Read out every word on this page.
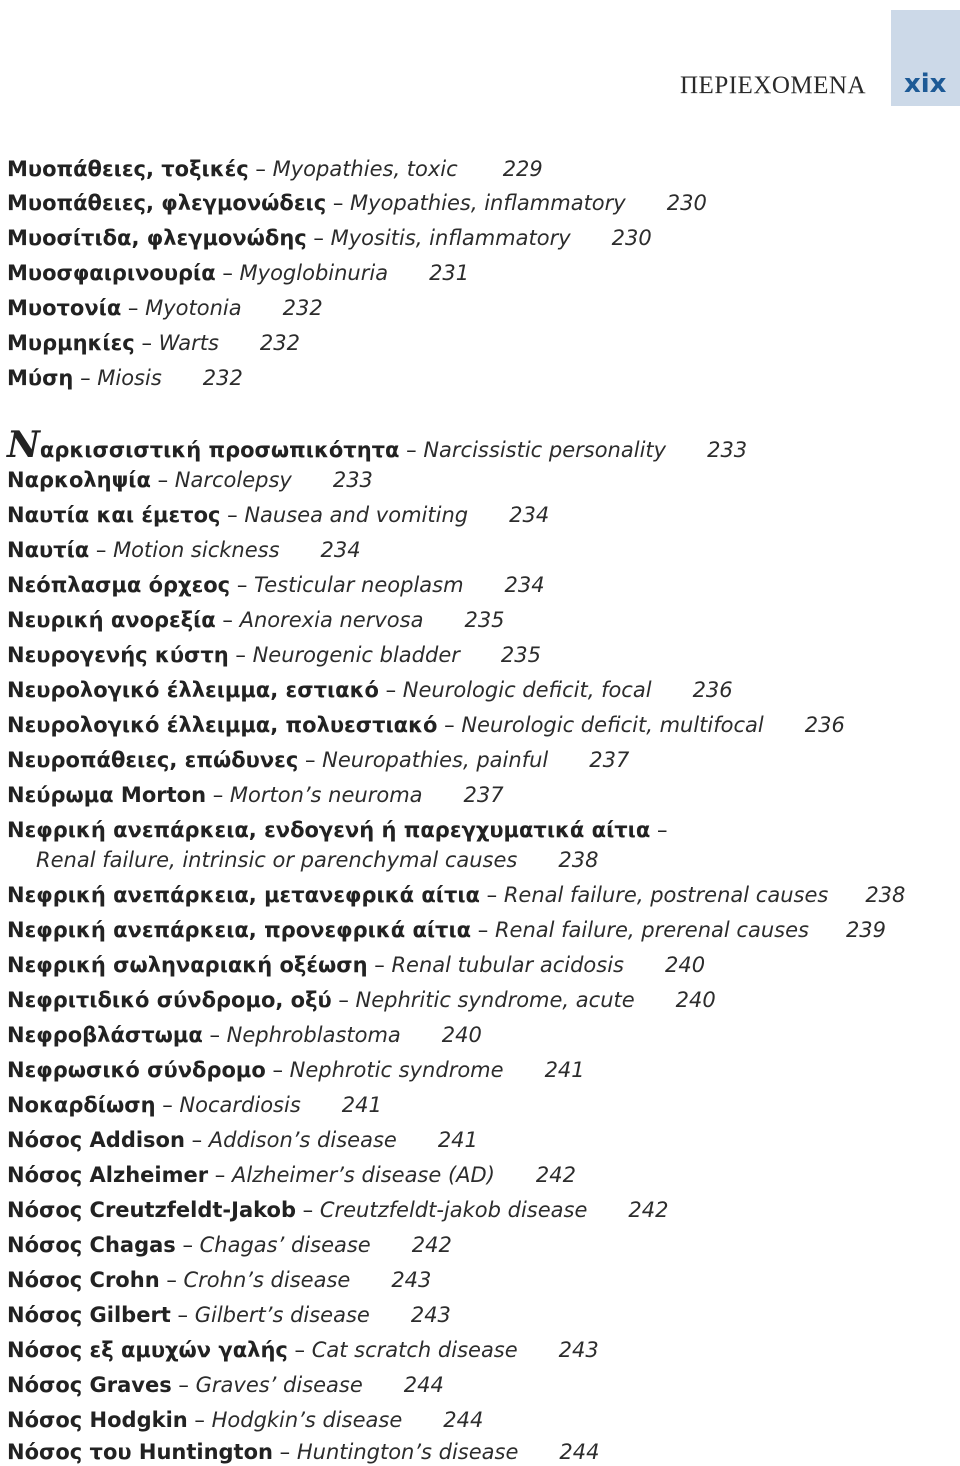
ΠΕΡΙΕΧΟΜΕΝΑ xix
Μυοπάθειες, τοξικές – Myopathies, toxic 229
Μυοπάθειες, φλεγμονώδεις – Myopathies, inflammatory 230
Μυοσίτιδα, φλεγμονώδης – Myositis, inflammatory 230
Μυοσφαιρινουρία – Myoglobinuria 231
Μυοτονία – Myotonia 232
Μυρμηκίες – Warts 232
Μύση – Miosis 232
Ναρκισσιστική προσωπικότητα – Narcissistic personality 233
Ναρκοληψία – Narcolepsy 233
Ναυτία και έμετος – Nausea and vomiting 234
Ναυτία – Motion sickness 234
Νεόπλασμα όρχεος – Testicular neoplasm 234
Νευρική ανορεξία – Anorexia nervosa 235
Νευρογενής κύστη – Neurogenic bladder 235
Νευρολογικό έλλειμμα, εστιακό – Neurologic deficit, focal 236
Νευρολογικό έλλειμμα, πολυεστιακό – Neurologic deficit, multifocal 236
Νευροπάθειες, επώδυνες – Neuropathies, painful 237
Νεύρωμα Morton – Morton’s neuroma 237
Νεφρική ανεπάρκεια, ενδογενή ή παρεγχυματικά αίτια –
Renal failure, intrinsic or parenchymal causes 238
Νεφρική ανεπάρκεια, μετανεφρικά αίτια – Renal failure, postrenal causes 238
Νεφρική ανεπάρκεια, προνεφρικά αίτια – Renal failure, prerenal causes 239
Νεφρική σωληναριακή οξέωση – Renal tubular acidosis 240
Νεφριτιδικό σύνδρομο, οξύ – Nephritic syndrome, acute 240
Νεφροβλάστωμα – Nephroblastoma 240
Νεφρωσικό σύνδρομο – Nephrotic syndrome 241
Νοκαρδίωση – Nocardiosis 241
Νόσος Addison – Addison’s disease 241
Νόσος Alzheimer – Alzheimer’s disease (AD) 242
Νόσος Creutzfeldt-Jakob – Creutzfeldt-jakob disease 242
Νόσος Chagas – Chagas’ disease 242
Νόσος Crohn – Crohn’s disease 243
Νόσος Gilbert – Gilbert’s disease 243
Νόσος εξ αμυχών γαλής – Cat scratch disease 243
Νόσος Graves – Graves’ disease 244
Νόσος Hodgkin – Hodgkin’s disease 244
Νόσος του Huntington – Huntington’s disease 244
